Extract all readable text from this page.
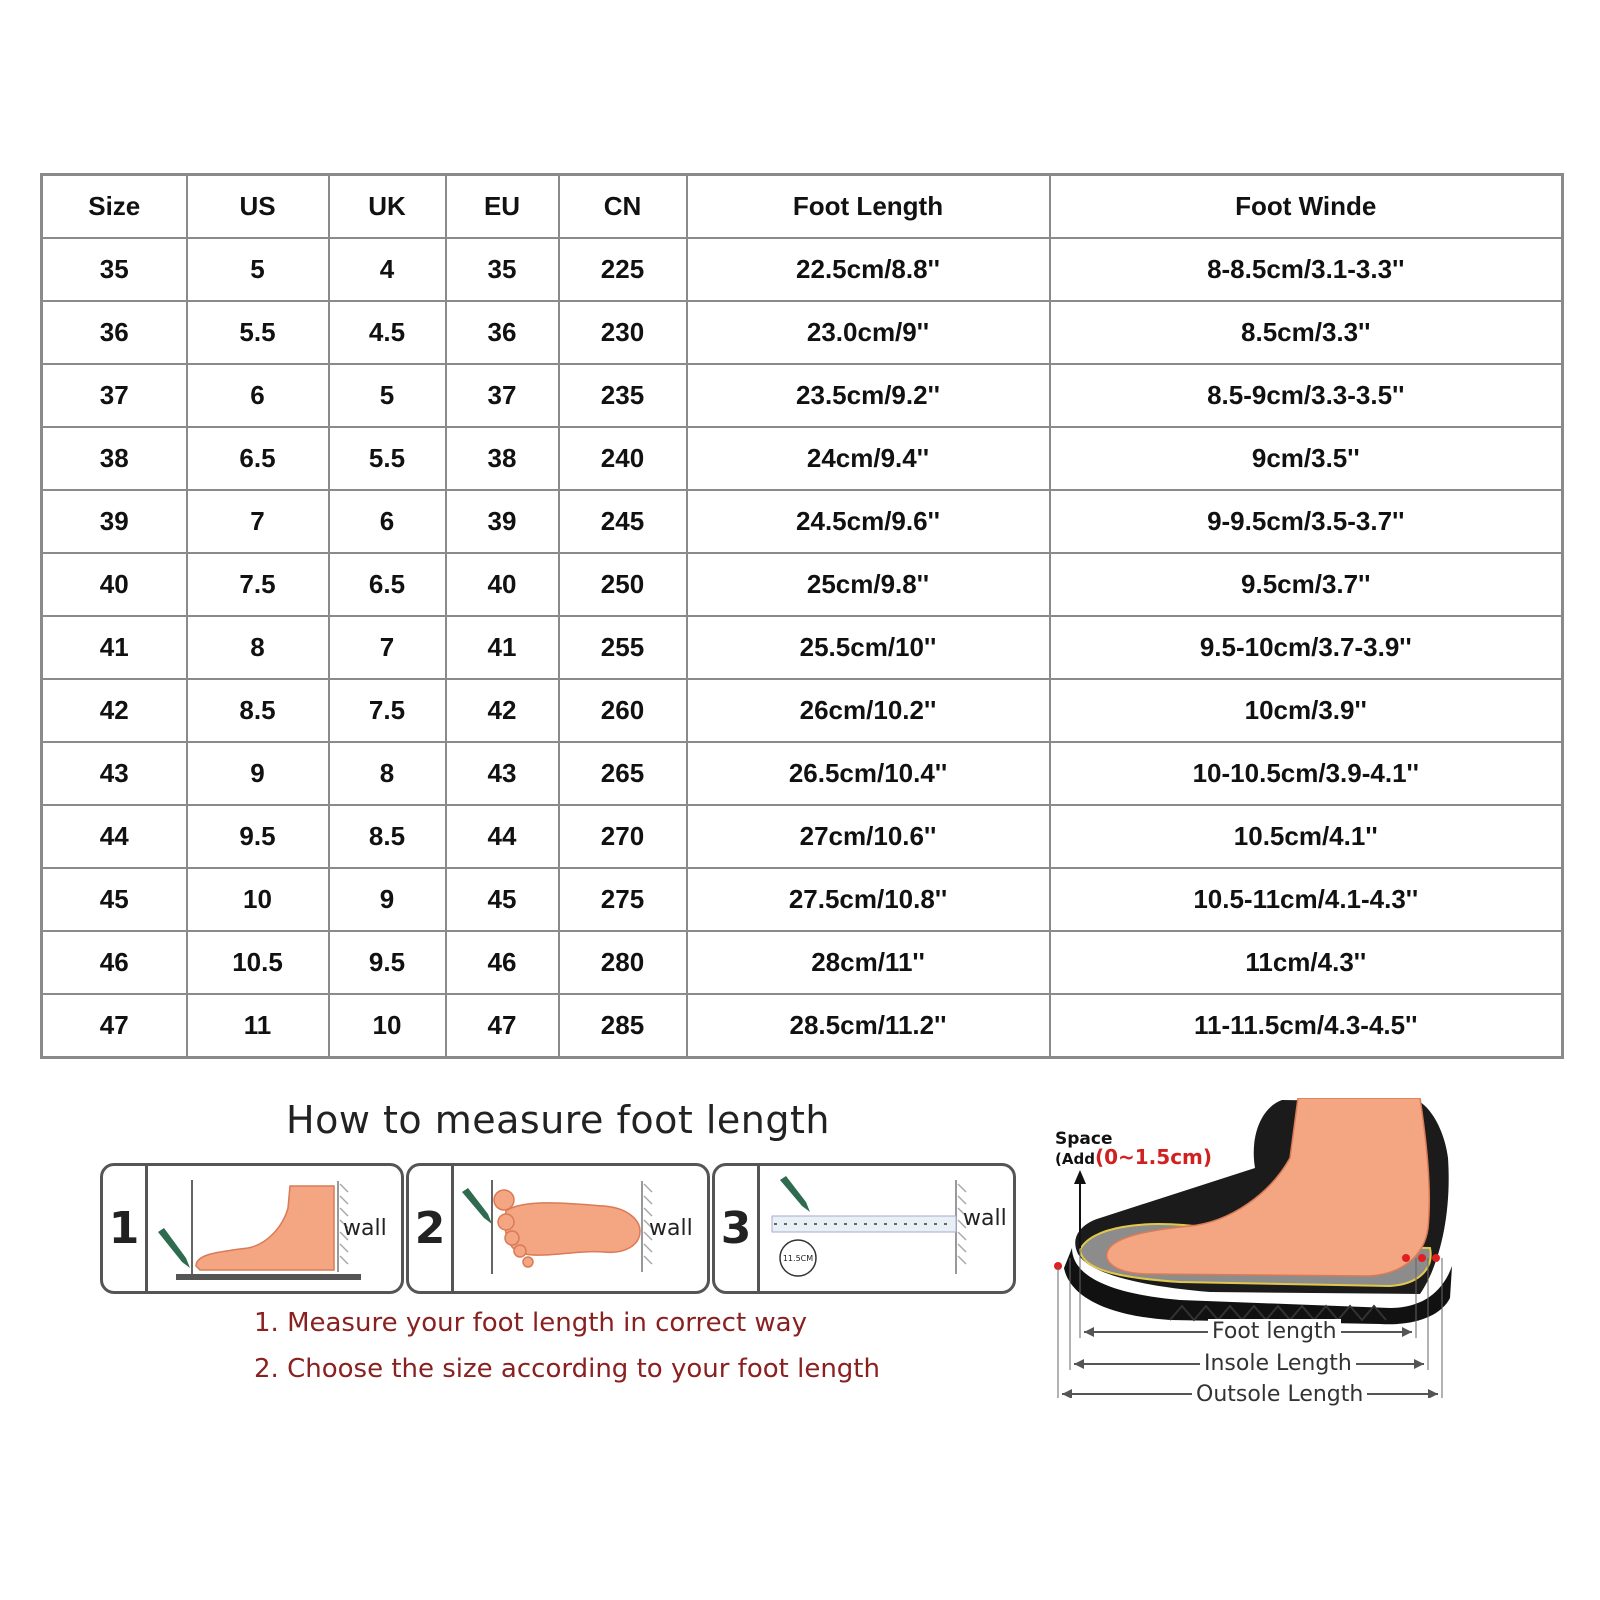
Size	US	UK	EU	CN	Foot Length	Foot Winde
35	5	4	35	225	22.5cm/8.8''	8-8.5cm/3.1-3.3''
36	5.5	4.5	36	230	23.0cm/9''	8.5cm/3.3''
37	6	5	37	235	23.5cm/9.2''	8.5-9cm/3.3-3.5''
38	6.5	5.5	38	240	24cm/9.4''	9cm/3.5''
39	7	6	39	245	24.5cm/9.6''	9-9.5cm/3.5-3.7''
40	7.5	6.5	40	250	25cm/9.8''	9.5cm/3.7''
41	8	7	41	255	25.5cm/10''	9.5-10cm/3.7-3.9''
42	8.5	7.5	42	260	26cm/10.2''	10cm/3.9''
43	9	8	43	265	26.5cm/10.4''	10-10.5cm/3.9-4.1''
44	9.5	8.5	44	270	27cm/10.6''	10.5cm/4.1''
45	10	9	45	275	27.5cm/10.8''	10.5-11cm/4.1-4.3''
46	10.5	9.5	46	280	28cm/11''	11cm/4.3''
47	11	10	47	285	28.5cm/11.2''	11-11.5cm/4.3-4.5''
How to measure foot length
1	wall 2	wall 3
11.5CM
wall
1. Measure your foot length in correct way
2. Choose the size according to your foot length
Space
(Add(0~1.5cm)
Foot length
Insole Length
Outsole Length
